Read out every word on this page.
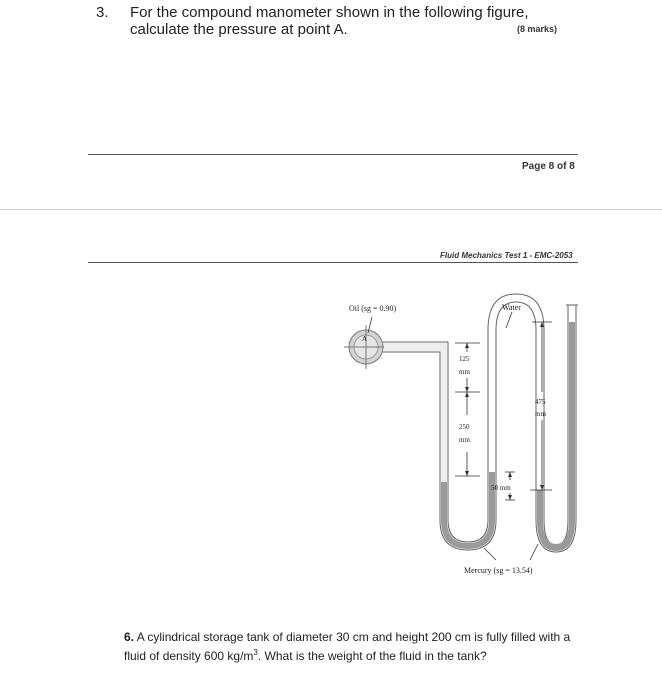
3. For the compound manometer shown in the following figure, calculate the pressure at point A.	(8 marks)
Page 8 of 8
Fluid Mechanics Test 1 - EMC-2053
Oil (sg = 0.90)
A
Water
125
mm
250
mm
475
mm
50 mm
Mercury (sg = 13.54)
6. A cylindrical storage tank of diameter 30 cm and height 200 cm is fully filled with a fluid of density 600 $kg/m^3$. What is the weight of the fluid in the tank?
